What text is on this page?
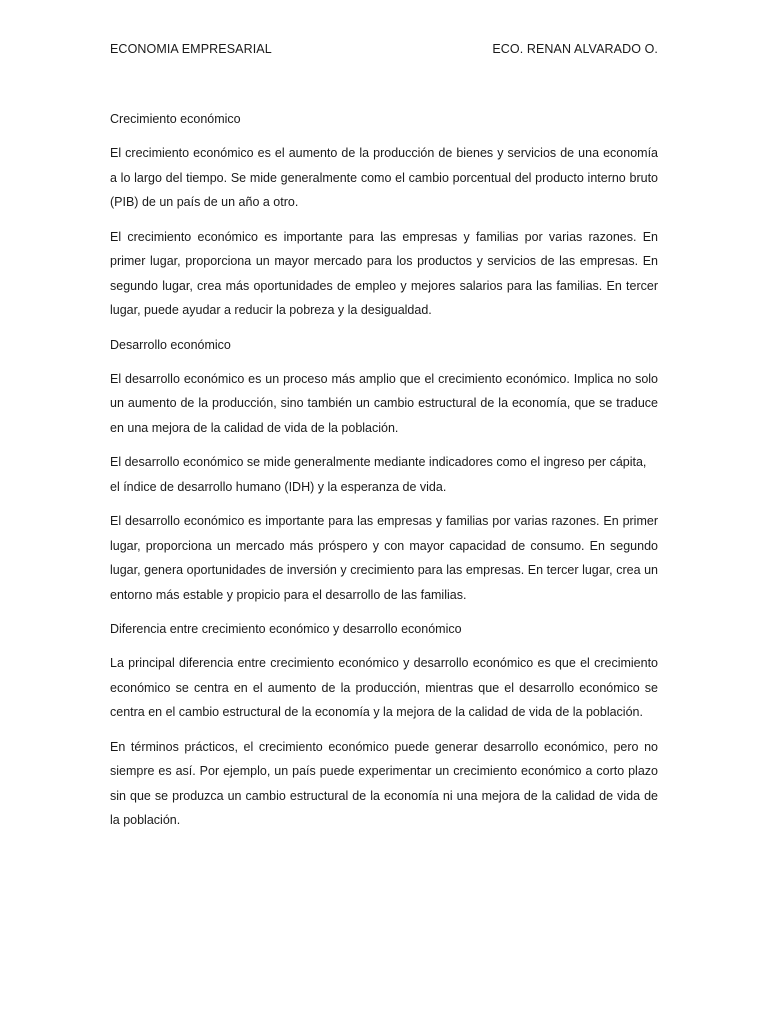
ECONOMIA EMPRESARIAL	ECO. RENAN ALVARADO O.

Crecimiento económico

El crecimiento económico es el aumento de la producción de bienes y servicios de una economía a lo largo del tiempo. Se mide generalmente como el cambio porcentual del producto interno bruto (PIB) de un país de un año a otro.

El crecimiento económico es importante para las empresas y familias por varias razones. En primer lugar, proporciona un mayor mercado para los productos y servicios de las empresas. En segundo lugar, crea más oportunidades de empleo y mejores salarios para las familias. En tercer lugar, puede ayudar a reducir la pobreza y la desigualdad.

Desarrollo económico

El desarrollo económico es un proceso más amplio que el crecimiento económico. Implica no solo un aumento de la producción, sino también un cambio estructural de la economía, que se traduce en una mejora de la calidad de vida de la población.

El desarrollo económico se mide generalmente mediante indicadores como el ingreso per cápita, el índice de desarrollo humano (IDH) y la esperanza de vida.

El desarrollo económico es importante para las empresas y familias por varias razones. En primer lugar, proporciona un mercado más próspero y con mayor capacidad de consumo. En segundo lugar, genera oportunidades de inversión y crecimiento para las empresas. En tercer lugar, crea un entorno más estable y propicio para el desarrollo de las familias.

Diferencia entre crecimiento económico y desarrollo económico

La principal diferencia entre crecimiento económico y desarrollo económico es que el crecimiento económico se centra en el aumento de la producción, mientras que el desarrollo económico se centra en el cambio estructural de la economía y la mejora de la calidad de vida de la población.

En términos prácticos, el crecimiento económico puede generar desarrollo económico, pero no siempre es así. Por ejemplo, un país puede experimentar un crecimiento económico a corto plazo sin que se produzca un cambio estructural de la economía ni una mejora de la calidad de vida de la población.
